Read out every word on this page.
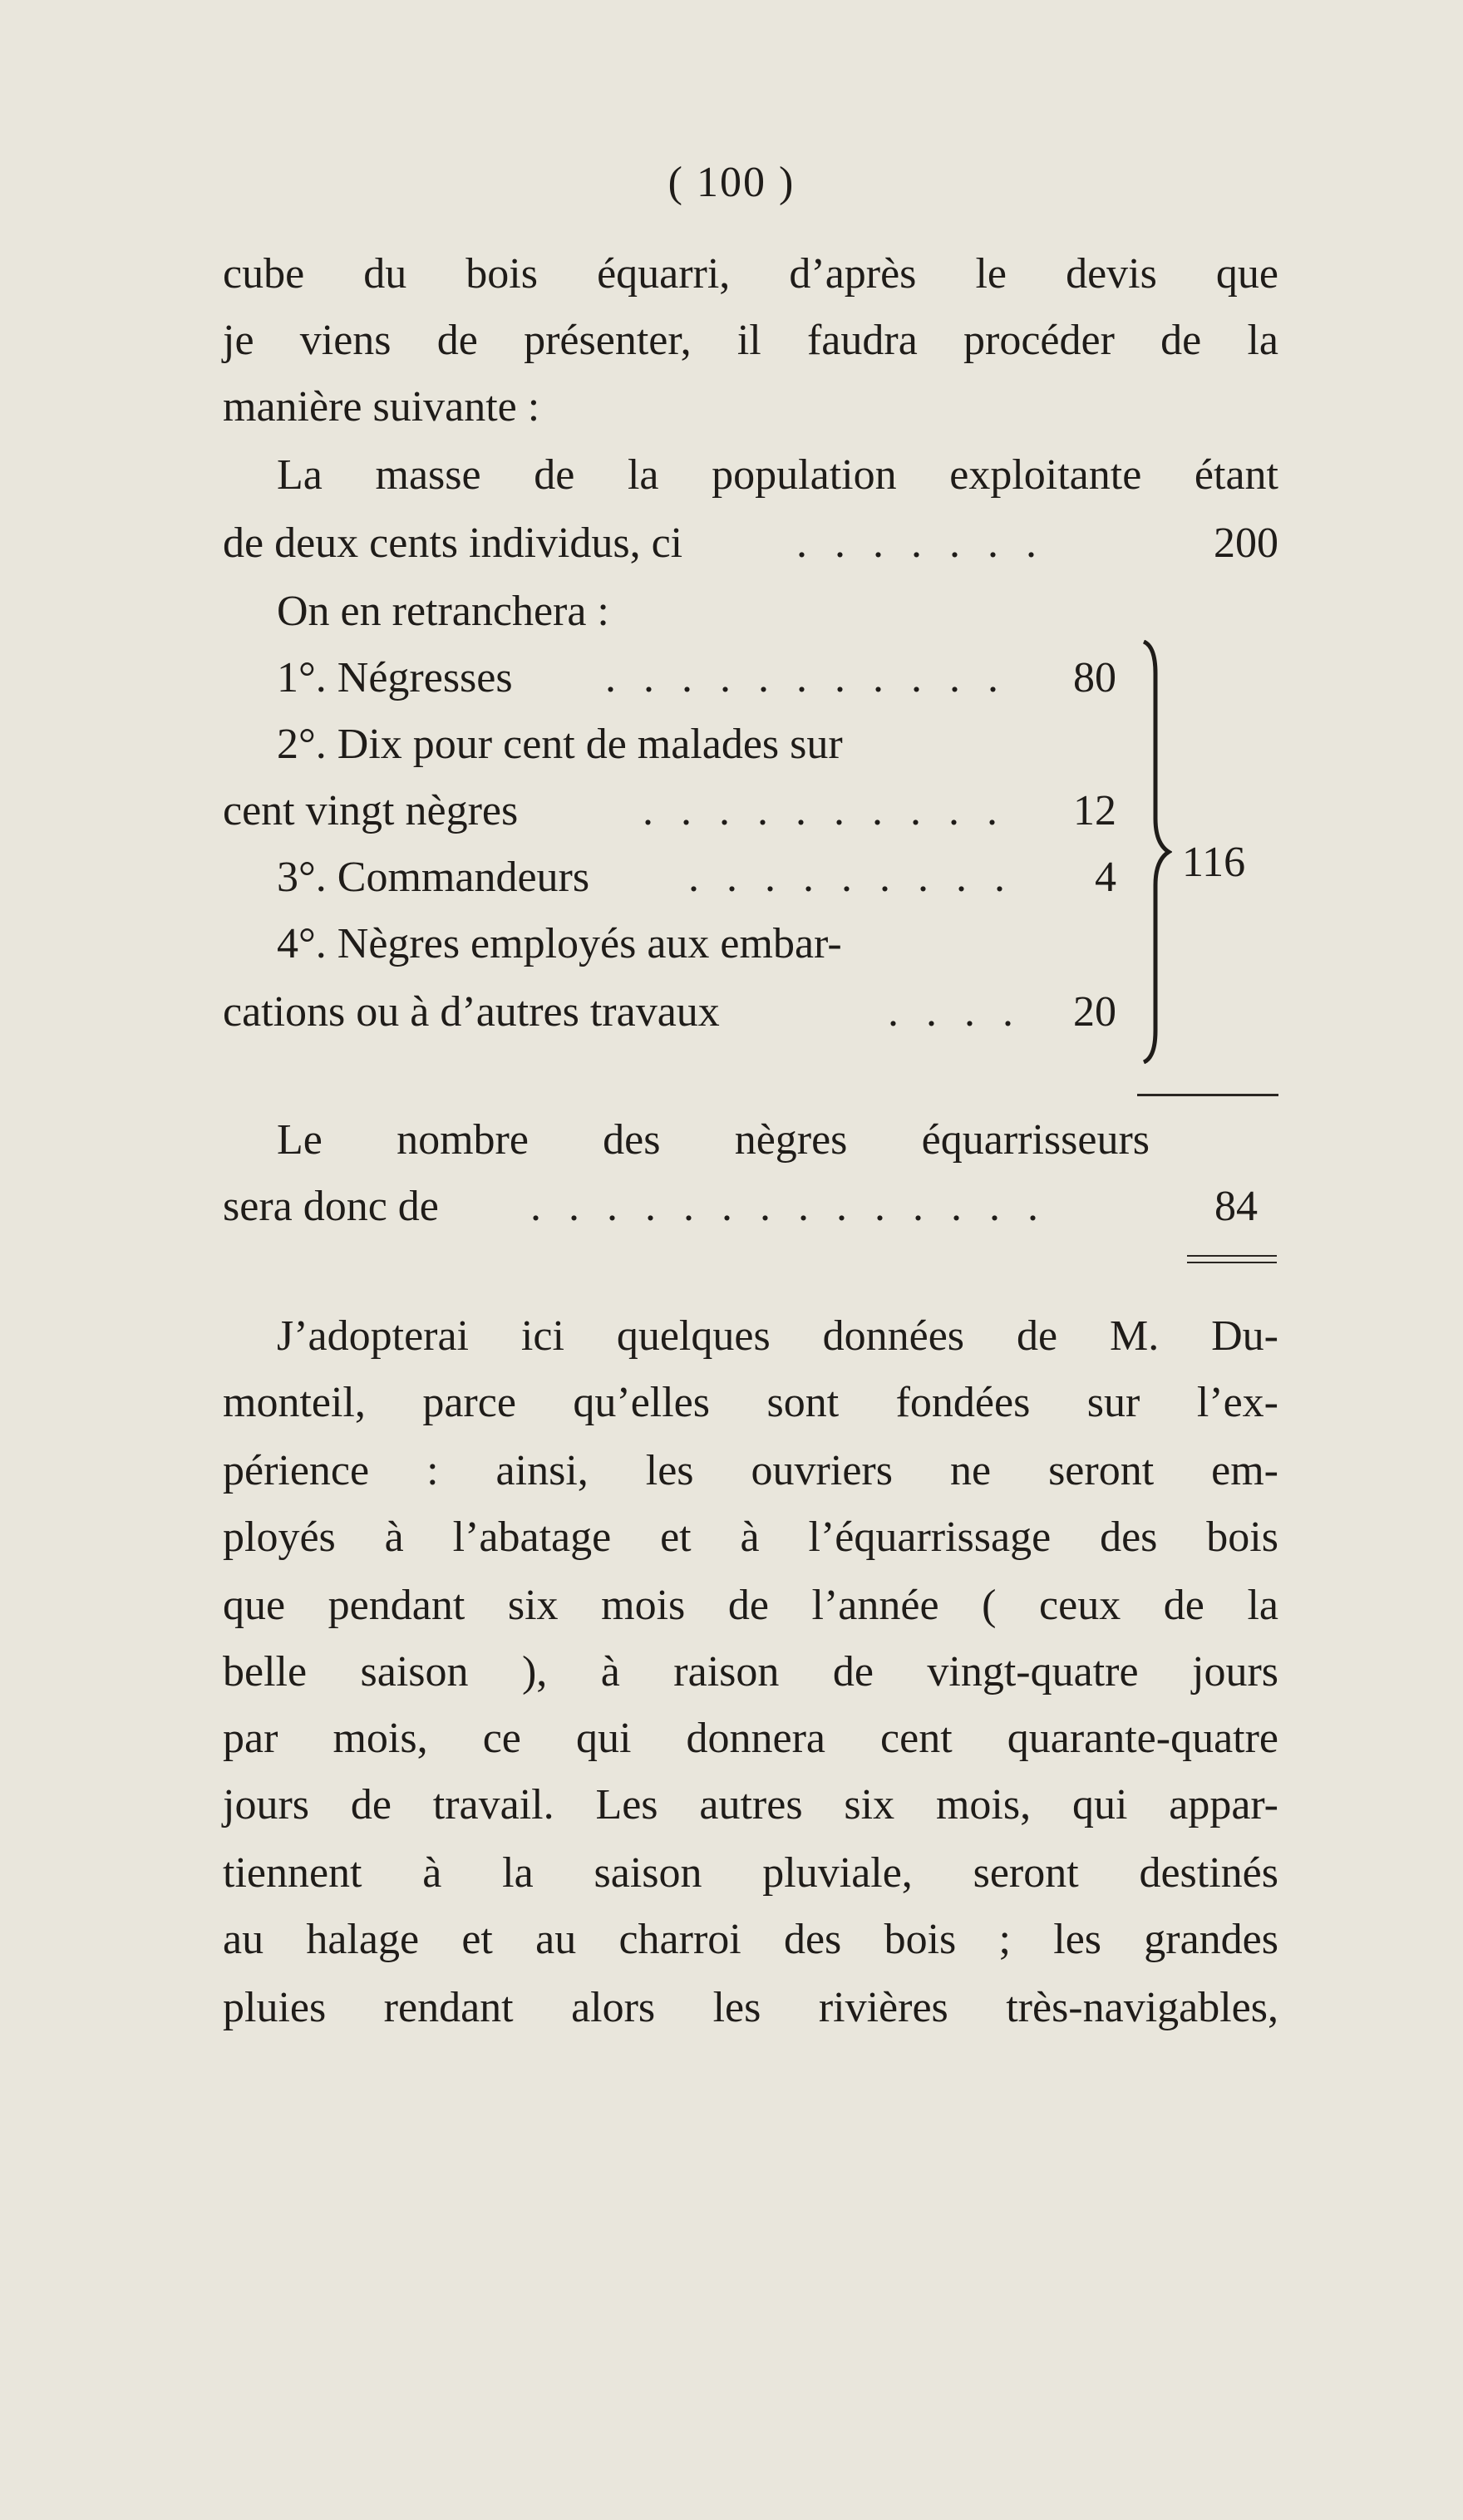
( 100 )
cube du bois équarri, d’après le devis que
je viens de présenter, il faudra procéder de la
manière suivante :
La masse de la population exploitante étant
de deux cents individus, ci	. . . . . . .	200
On en retranchera :
1°. Négresses . . . . . . . . . . .	80
2°. Dix pour cent de malades sur
cent vingt nègres	. . . . . . . . . .	12
3°. Commandeurs . . . . . . . . .	4
4°. Nègres employés aux embar-
cations ou à d’autres travaux	. . . .	20
116
Le nombre des nègres équarrisseurs
sera donc de . . . . . . . . . . . . . .	84
J’adopterai ici quelques données de M. Du-
monteil, parce qu’elles sont fondées sur l’ex-
périence : ainsi, les ouvriers ne seront em-
ployés à l’abatage et à l’équarrissage des bois
que pendant six mois de l’année ( ceux de la
belle saison ), à raison de vingt-quatre jours
par mois, ce qui donnera cent quarante-quatre
jours de travail. Les autres six mois, qui appar-
tiennent à la saison pluviale, seront destinés
au halage et au charroi des bois ; les grandes
pluies rendant alors les rivières très-navigables,
